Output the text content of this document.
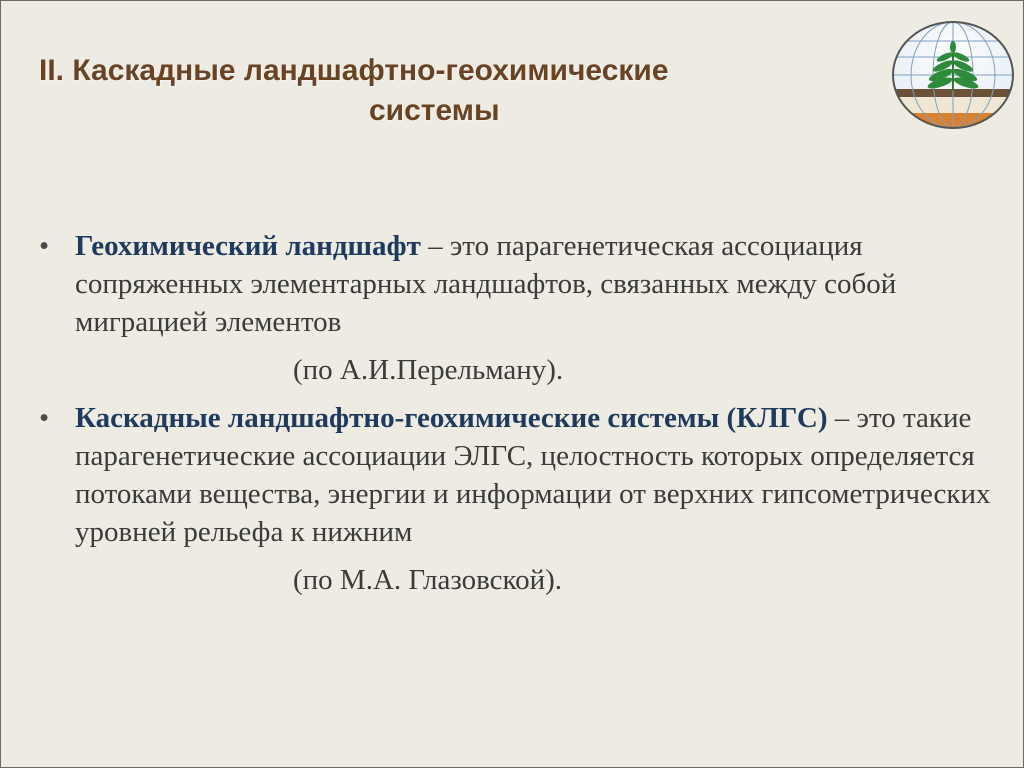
II. Каскадные ландшафтно-геохимические
системы
• Геохимический ландшафт – это парагенетическая ассоциация сопряженных элементарных ландшафтов, связанных между собой миграцией элементов
(по А.И.Перельману).
• Каскадные ландшафтно-геохимические системы (КЛГС) – это такие парагенетические ассоциации ЭЛГС, целостность которых определяется потоками вещества, энергии и информации от верхних гипсометрических уровней рельефа к нижним
(по М.А. Глазовской).
